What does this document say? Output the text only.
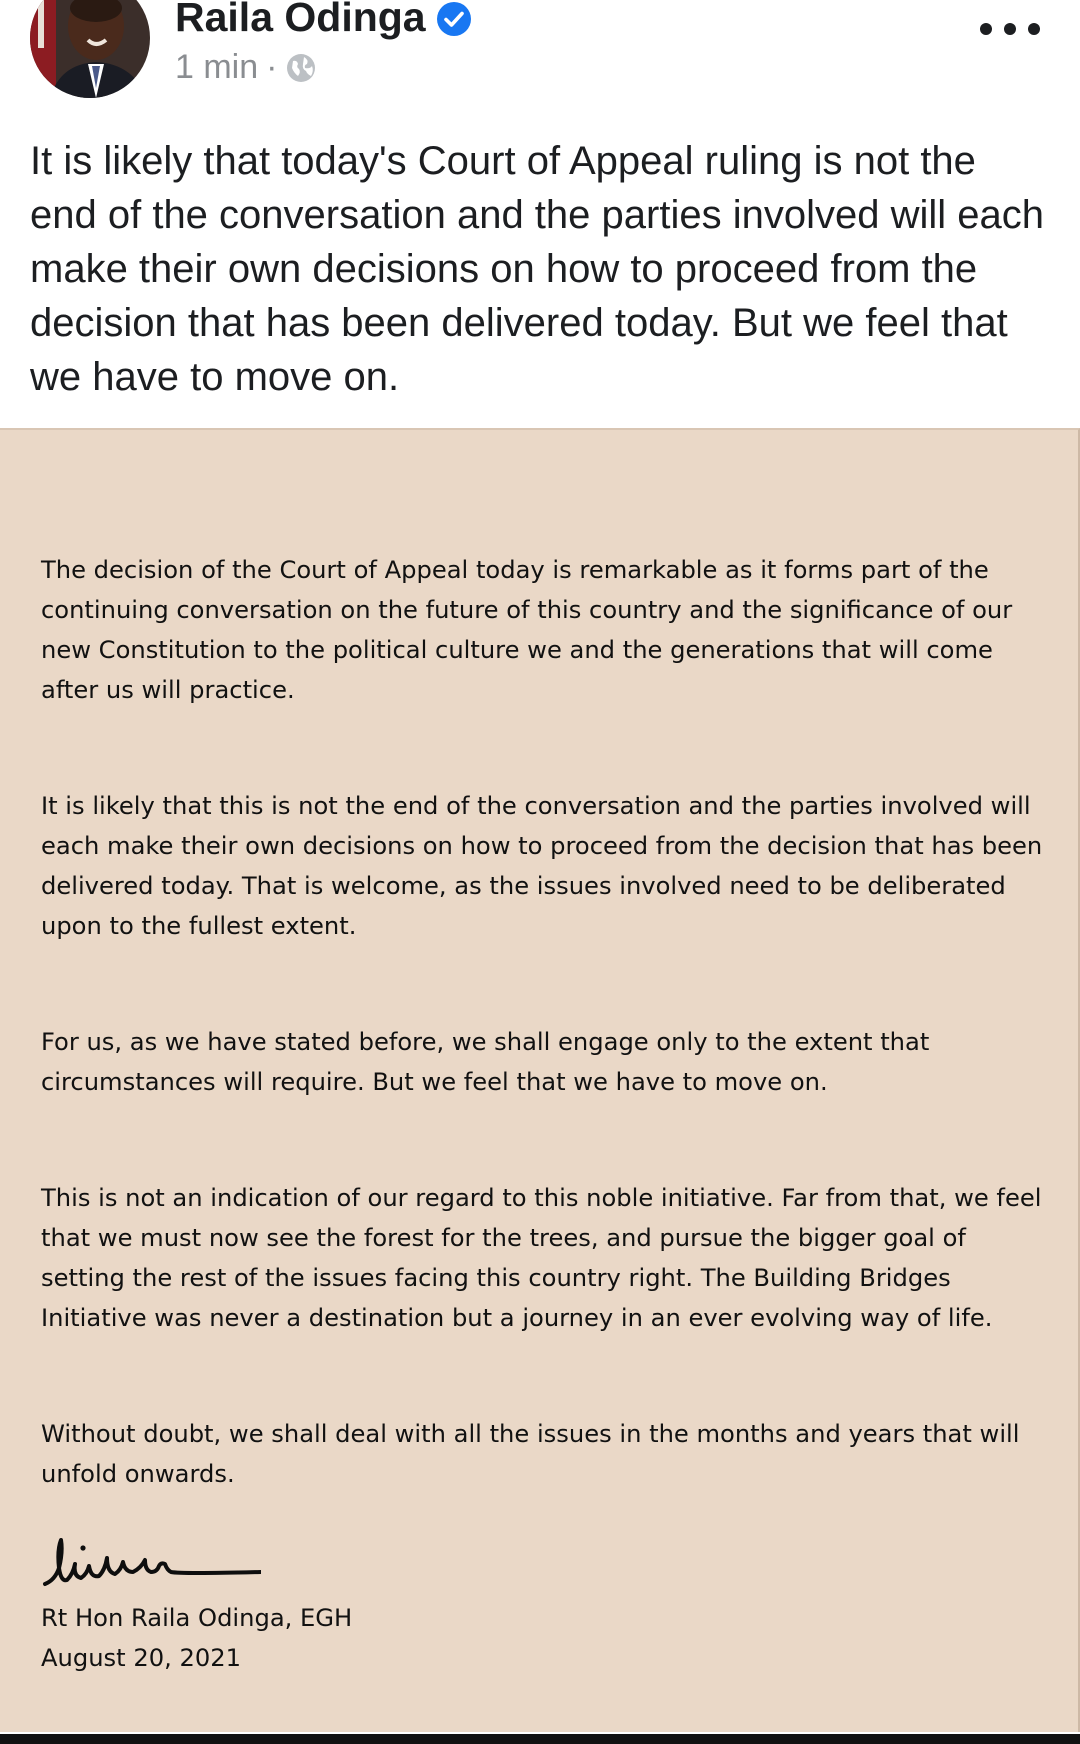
Raila Odinga
1 min ·

It is likely that today's Court of Appeal ruling is not the end of the conversation and the parties involved will each make their own decisions on how to proceed from the decision that has been delivered today. But we feel that we have to move on.

The decision of the Court of Appeal today is remarkable as it forms part of the continuing conversation on the future of this country and the significance of our new Constitution to the political culture we and the generations that will come after us will practice.

It is likely that this is not the end of the conversation and the parties involved will each make their own decisions on how to proceed from the decision that has been delivered today. That is welcome, as the issues involved need to be deliberated upon to the fullest extent.

For us, as we have stated before, we shall engage only to the extent that circumstances will require. But we feel that we have to move on.

This is not an indication of our regard to this noble initiative. Far from that, we feel that we must now see the forest for the trees, and pursue the bigger goal of setting the rest of the issues facing this country right. The Building Bridges Initiative was never a destination but a journey in an ever evolving way of life.

Without doubt, we shall deal with all the issues in the months and years that will unfold onwards.

Rt Hon Raila Odinga, EGH

August 20, 2021
